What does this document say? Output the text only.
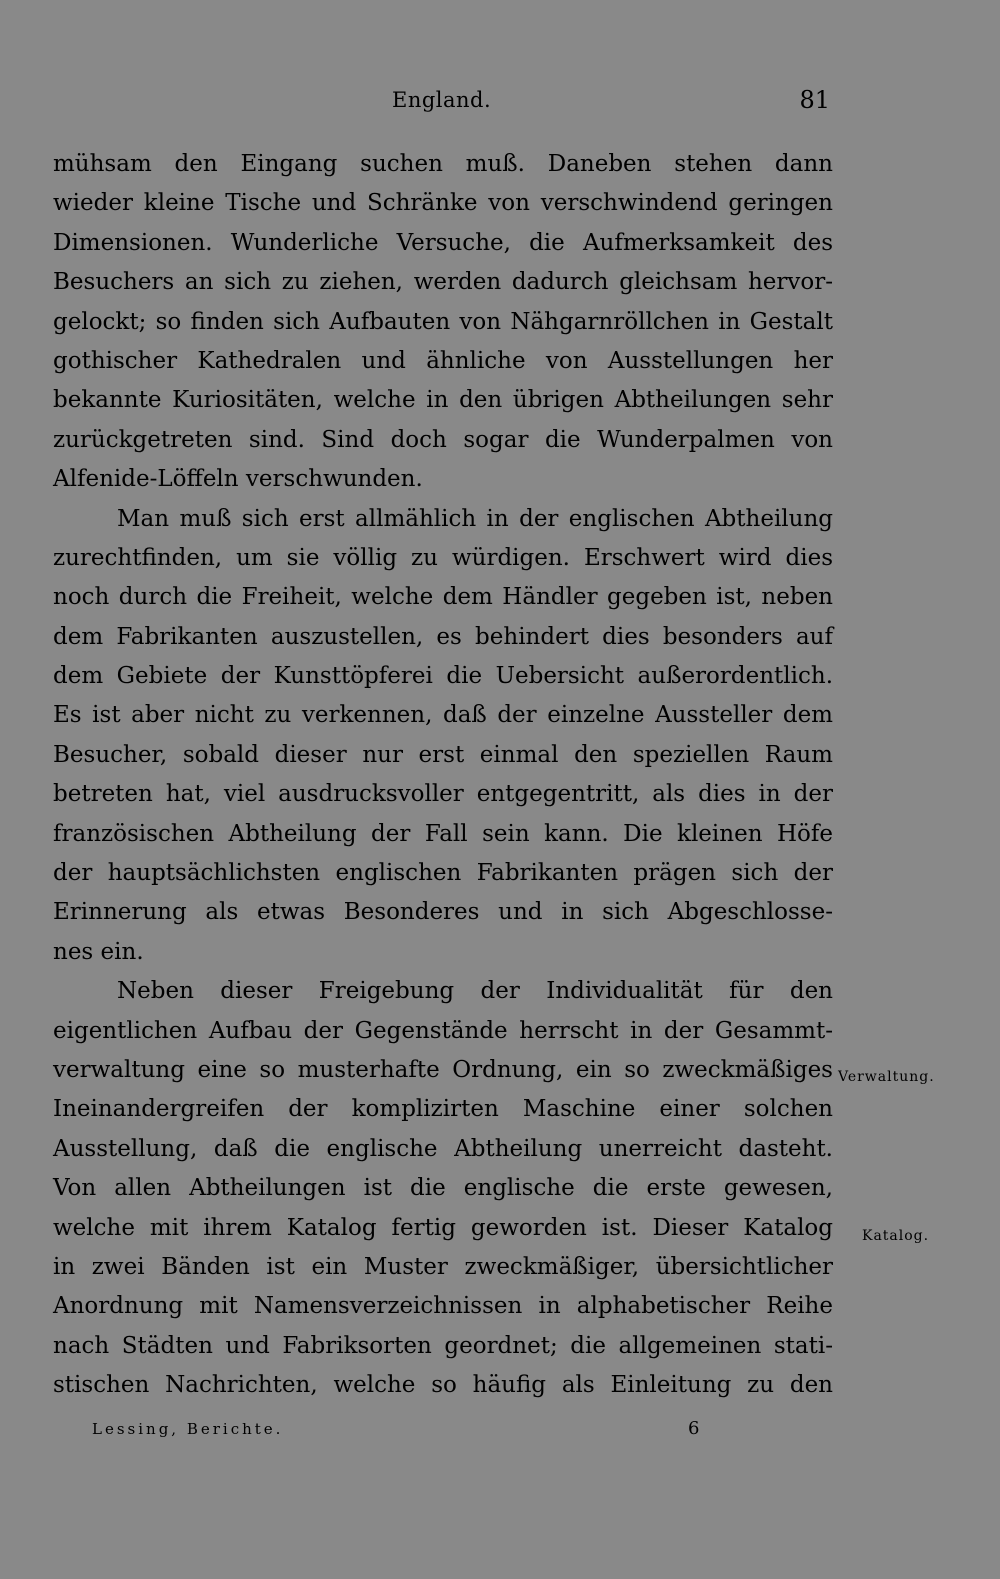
England.	81
mühsam den Eingang suchen muß. Daneben stehen dann
wieder kleine Tische und Schränke von verschwindend geringen
Dimensionen. Wunderliche Versuche, die Aufmerksamkeit des
Besuchers an sich zu ziehen, werden dadurch gleichsam hervor-
gelockt; so finden sich Aufbauten von Nähgarnröllchen in Gestalt
gothischer Kathedralen und ähnliche von Ausstellungen her
bekannte Kuriositäten, welche in den übrigen Abtheilungen sehr
zurückgetreten sind. Sind doch sogar die Wunderpalmen von
Alfenide-Löffeln verschwunden.
Man muß sich erst allmählich in der englischen Abtheilung
zurechtfinden, um sie völlig zu würdigen. Erschwert wird dies
noch durch die Freiheit, welche dem Händler gegeben ist, neben
dem Fabrikanten auszustellen, es behindert dies besonders auf
dem Gebiete der Kunsttöpferei die Uebersicht außerordentlich.
Es ist aber nicht zu verkennen, daß der einzelne Aussteller dem
Besucher, sobald dieser nur erst einmal den speziellen Raum
betreten hat, viel ausdrucksvoller entgegentritt, als dies in der
französischen Abtheilung der Fall sein kann. Die kleinen Höfe
der hauptsächlichsten englischen Fabrikanten prägen sich der
Erinnerung als etwas Besonderes und in sich Abgeschlosse-
nes ein.
Neben dieser Freigebung der Individualität für den
eigentlichen Aufbau der Gegenstände herrscht in der Gesammt-
verwaltung eine so musterhafte Ordnung, ein so zweckmäßiges
Ineinandergreifen der komplizirten Maschine einer solchen
Ausstellung, daß die englische Abtheilung unerreicht dasteht.
Von allen Abtheilungen ist die englische die erste gewesen,
welche mit ihrem Katalog fertig geworden ist. Dieser Katalog
in zwei Bänden ist ein Muster zweckmäßiger, übersichtlicher
Anordnung mit Namensverzeichnissen in alphabetischer Reihe
nach Städten und Fabriksorten geordnet; die allgemeinen stati-
stischen Nachrichten, welche so häufig als Einleitung zu den
Verwaltung.
Katalog.
Lessing, Berichte.	6
